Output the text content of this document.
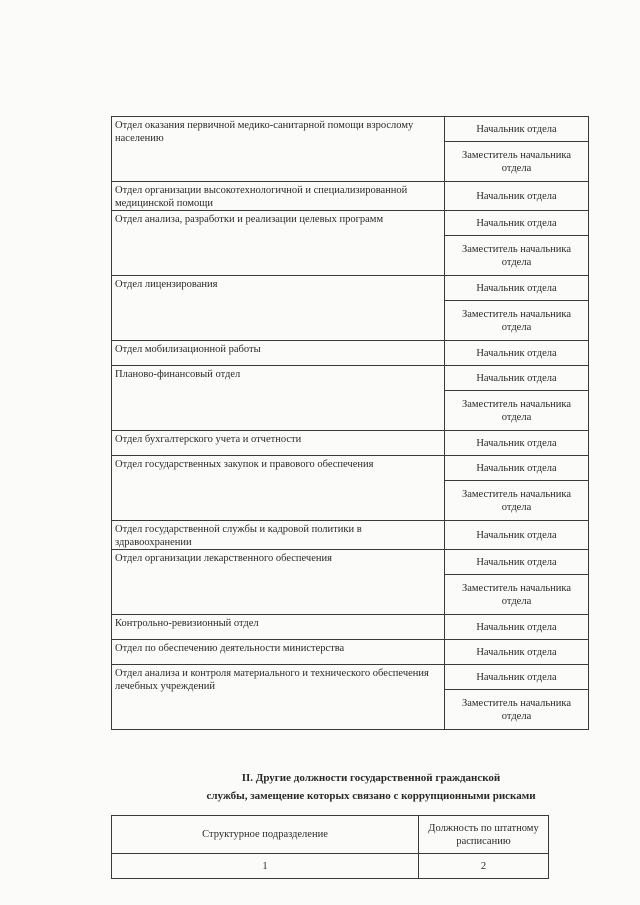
Отдел оказания первичной медико-санитарной помощи взрослому населению	Начальник отдела
	Заместитель начальника отдела
Отдел организации высокотехнологичной и специализированной медицинской помощи	Начальник отдела
Отдел анализа, разработки и реализации целевых программ	Начальник отдела
	Заместитель начальника отдела
Отдел лицензирования	Начальник отдела
	Заместитель начальника отдела
Отдел мобилизационной работы	Начальник отдела
Планово-финансовый отдел	Начальник отдела
	Заместитель начальника отдела
Отдел бухгалтерского учета и отчетности	Начальник отдела
Отдел государственных закупок и правового обеспечения	Начальник отдела
	Заместитель начальника отдела
Отдел государственной службы и кадровой политики в здравоохранении	Начальник отдела
Отдел организации лекарственного обеспечения	Начальник отдела
	Заместитель начальника отдела
Контрольно-ревизионный отдел	Начальник отдела
Отдел по обеспечению деятельности министерства	Начальник отдела
Отдел анализа и контроля материального и технического обеспечения лечебных учреждений	Начальник отдела
	Заместитель начальника отдела
II. Другие должности государственной гражданской
службы, замещение которых связано с коррупционными рисками
Структурное подразделение	Должность по штатному расписанию
1	2
